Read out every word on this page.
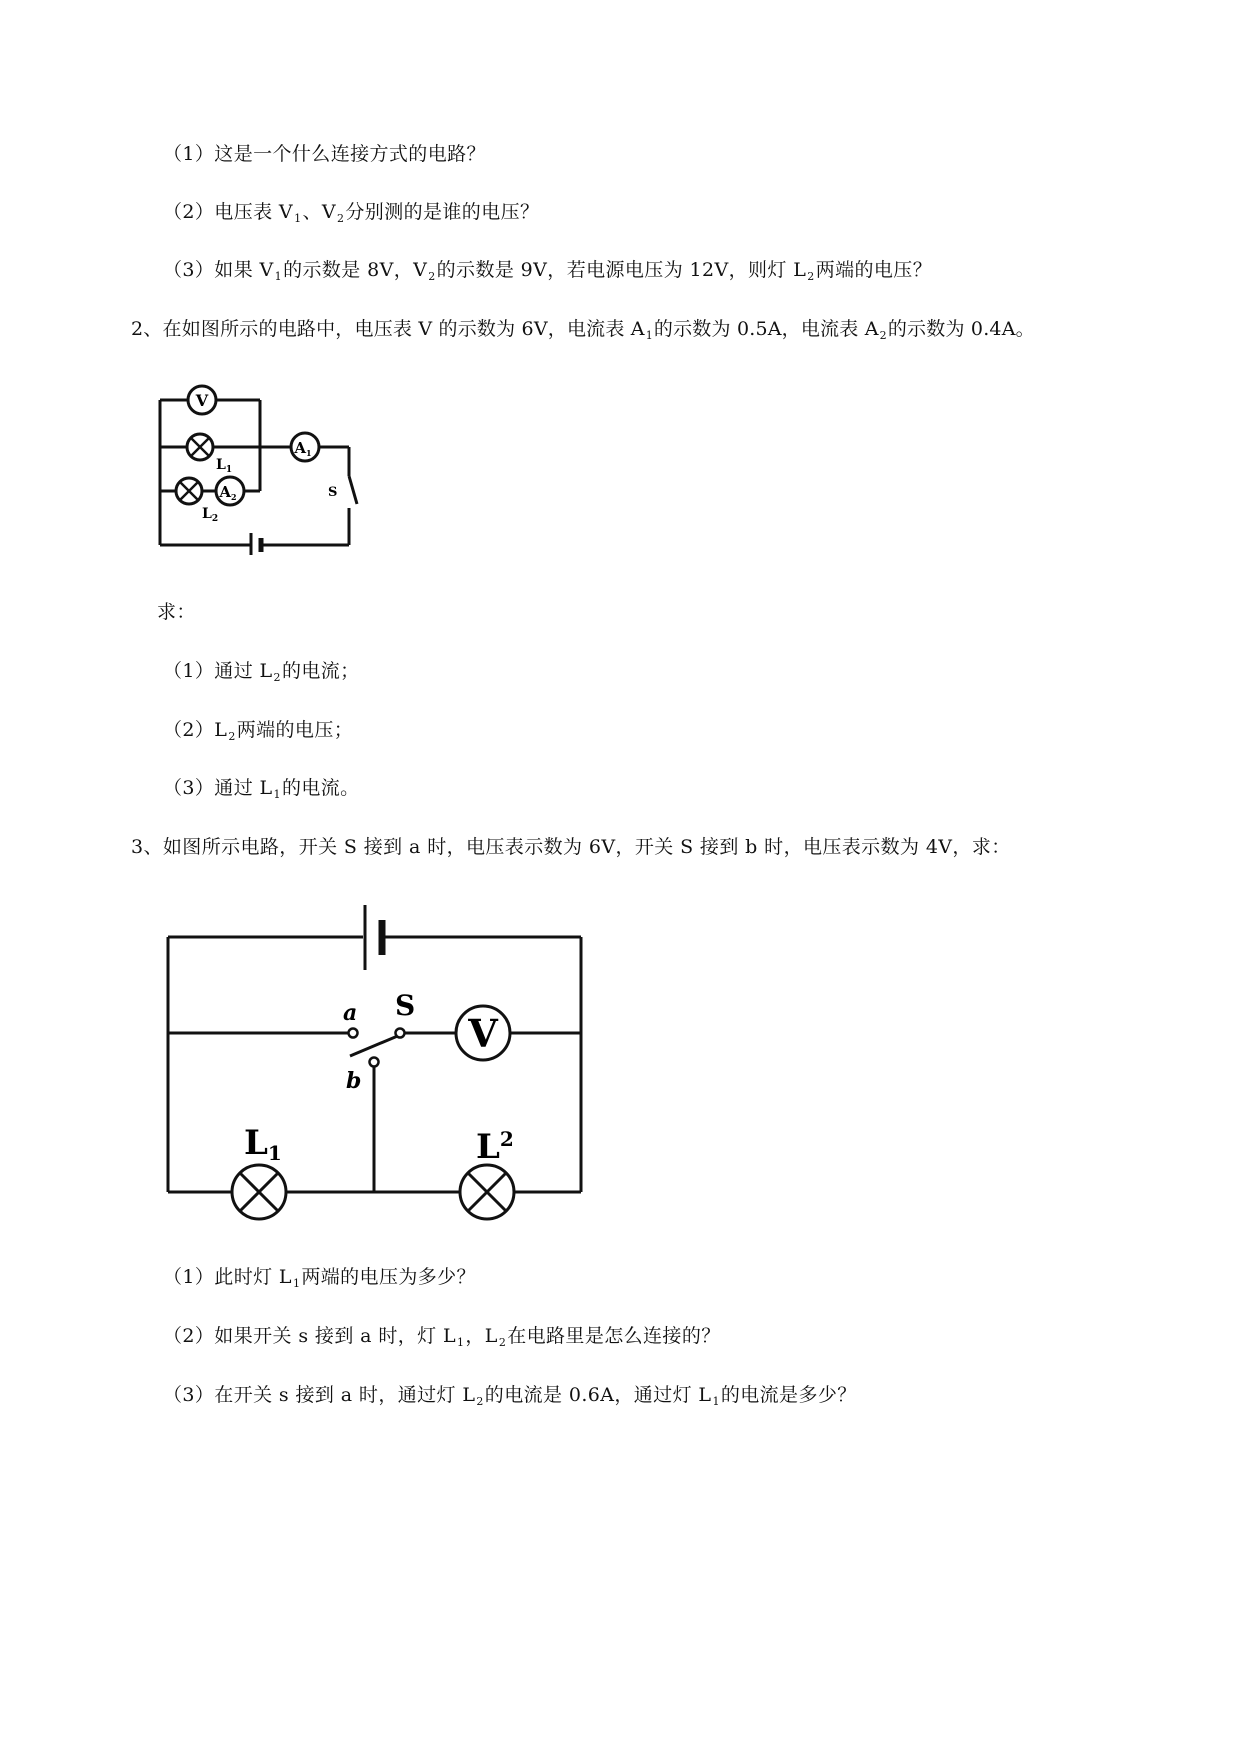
（1）这是一个什么连接方式的电路？
（2）电压表 $V_1$、$V_2$分别测的是谁的电压？
（3）如果 $V_1$的示数是 8V，$V_2$的示数是 9V，若电源电压为 12V，则灯 $L_2$两端的电压？
2、在如图所示的电路中，电压表 V 的示数为 6V，电流表 $A_1$的示数为 0.5A，电流表 $A_2$的示数为 0.4A。
V
$L_1$
$L_2$
$A_2$
$A_1$
S
求：
（1）通过 $L_2$的电流；
$(2)L_2$两端的电压；
（3）通过 $L_1$的电流。
3、如图所示电路，开关 S 接到 a 时，电压表示数为 6V，开关 S 接到 b 时，电压表示数为 4V，求：
a
b
S
V
L1	$L^2$
（1）此时灯 $L_1$两端的电压为多少？
（2）如果开关 s 接到 a 时，灯 $L_1$，$L_2$在电路里是怎么连接的？
（3）在开关 s 接到 a 时，通过灯 $L_2$的电流是 0.6A，通过灯 $L_1$的电流是多少？
